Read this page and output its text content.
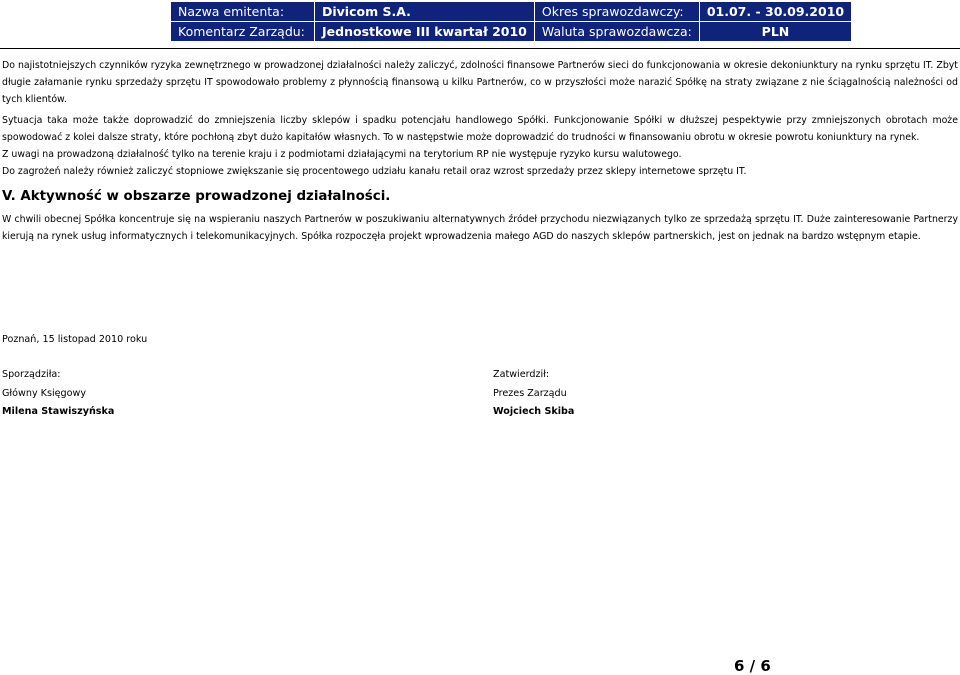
Nazwa emitenta:	Divicom S.A.	Okres sprawozdawczy:	01.07. - 30.09.2010
Komentarz Zarządu:	Jednostkowe III kwartał 2010	Waluta sprawozdawcza:	PLN

Do najistotniejszych czynników ryzyka zewnętrznego w prowadzonej działalności należy zaliczyć, zdolności finansowe Partnerów sieci do funkcjonowania w okresie dekoniunktury na rynku sprzętu IT. Zbyt długie załamanie rynku sprzedaży sprzętu IT spowodowało problemy z płynnością finansową u kilku Partnerów, co w przyszłości może narazić Spółkę na straty związane z nie ściągalnością należności od tych klientów.

Sytuacja taka może także doprowadzić do zmniejszenia liczby sklepów i spadku potencjału handlowego Spółki. Funkcjonowanie Spółki w dłuższej pespektywie przy zmniejszonych obrotach może spowodować z kolei dalsze straty, które pochłoną zbyt dużo kapitałów własnych. To w następstwie może doprowadzić do trudności w finansowaniu obrotu w okresie powrotu koniunktury na rynek.

Z uwagi na prowadzoną działalność tylko na terenie kraju i z podmiotami działającymi na terytorium RP nie występuje ryzyko kursu walutowego.

Do zagrożeń należy również zaliczyć stopniowe zwiększanie się procentowego udziału kanału retail oraz wzrost sprzedaży przez sklepy internetowe sprzętu IT.

V. Aktywność w obszarze prowadzonej działalności.
W chwili obecnej Spółka koncentruje się na wspieraniu naszych Partnerów w poszukiwaniu alternatywnych źródeł przychodu niezwiązanych tylko ze sprzedażą sprzętu IT. Duże zainteresowanie Partnerzy kierują na rynek usług informatycznych i telekomunikacyjnych. Spółka rozpoczęła projekt wprowadzenia małego AGD do naszych sklepów partnerskich, jest on jednak na bardzo wstępnym etapie.
Poznań, 15 listopad 2010 roku
Sporządziła:
Główny Księgowy
Milena Stawiszyńska
Zatwierdził:
Prezes Zarządu
Wojciech Skiba
6 / 6
